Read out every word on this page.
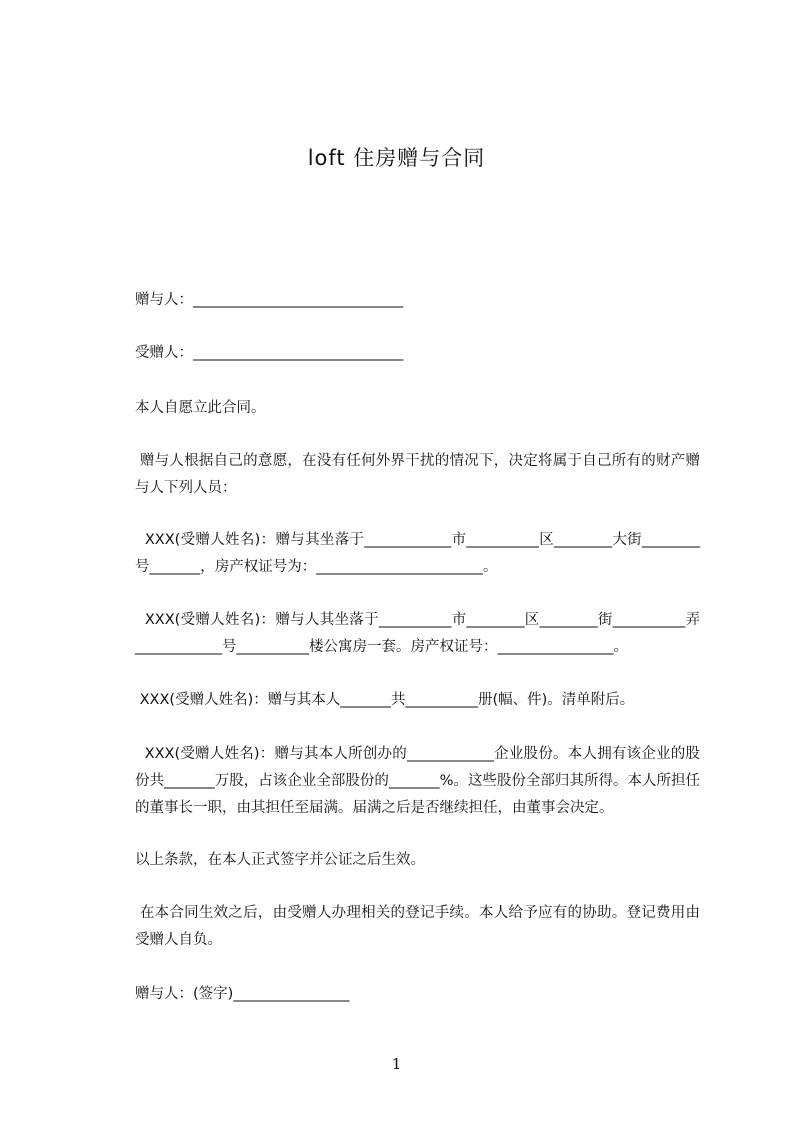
loft 住房赠与合同
赠与人：_____________________________
受赠人：_____________________________
本人自愿立此合同。
赠与人根据自己的意愿，在没有任何外界干扰的情况下，决定将属于自己所有的财产赠与人下列人员：
XXX(受赠人姓名)：赠与其坐落于____________市__________区________大街________号_______，房产权证号为：_______________________。
XXX(受赠人姓名)：赠与人其坐落于__________市________区________街__________弄____________号__________楼公寓房一套。房产权证号：________________。
XXX(受赠人姓名)：赠与其本人_______共__________册(幅、件)。清单附后。
XXX(受赠人姓名)：赠与其本人所创办的____________企业股份。本人拥有该企业的股份共_______万股，占该企业全部股份的_______%。这些股份全部归其所得。本人所担任的董事长一职，由其担任至届满。届满之后是否继续担任，由董事会决定。
以上条款，在本人正式签字并公证之后生效。
在本合同生效之后，由受赠人办理相关的登记手续。本人给予应有的协助。登记费用由受赠人自负。
赠与人：(签字)________________
1
